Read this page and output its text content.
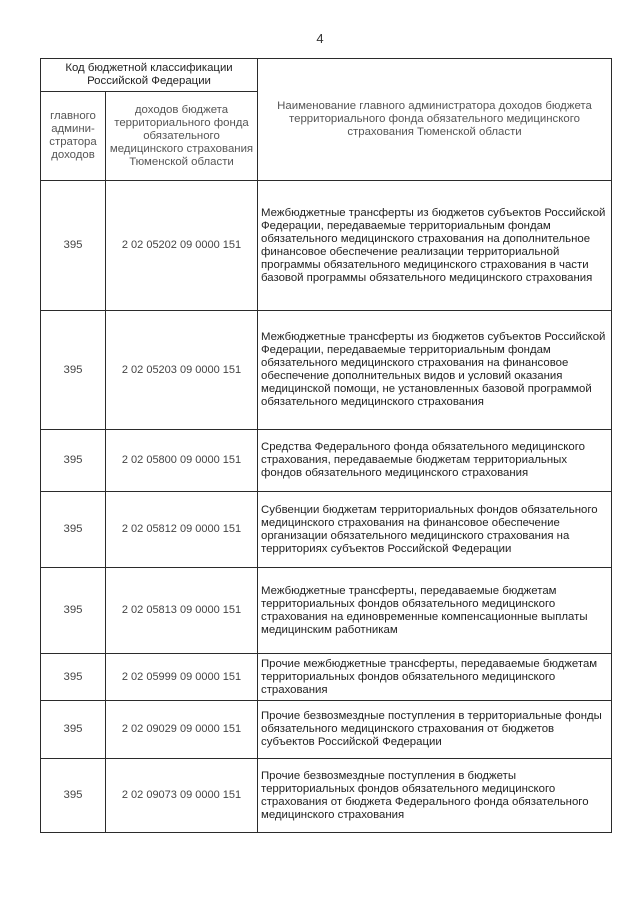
4
Код бюджетной классификации Российской Федерации		Наименование главного администратора доходов бюджета территориального фонда обязательного медицинского страхования Тюменской области
главного админи-стратора доходов	доходов бюджета территориального фонда обязательного медицинского страхования Тюменской области	
395	2 02 05202 09 0000 151	Межбюджетные трансферты из бюджетов субъектов Российской Федерации, передаваемые территориальным фондам обязательного медицинского страхования на дополнительное финансовое обеспечение реализации территориальной программы обязательного медицинского страхования в части базовой программы обязательного медицинского страхования
395	2 02 05203 09 0000 151	Межбюджетные трансферты из бюджетов субъектов Российской Федерации, передаваемые территориальным фондам обязательного медицинского страхования на финансовое обеспечение дополнительных видов и условий оказания медицинской помощи, не установленных базовой программой обязательного медицинского страхования
395	2 02 05800 09 0000 151	Средства Федерального фонда обязательного медицинского страхования, передаваемые бюджетам территориальных фондов обязательного медицинского страхования
395	2 02 05812 09 0000 151	Субвенции бюджетам территориальных фондов обязательного медицинского страхования на финансовое обеспечение организации обязательного медицинского страхования на территориях субъектов Российской Федерации
395	2 02 05813 09 0000 151	Межбюджетные трансферты, передаваемые бюджетам территориальных фондов обязательного медицинского страхования на единовременные компенсационные выплаты медицинским работникам
395	2 02 05999 09 0000 151	Прочие межбюджетные трансферты, передаваемые бюджетам территориальных фондов обязательного медицинского страхования
395	2 02 09029 09 0000 151	Прочие безвозмездные поступления в территориальные фонды обязательного медицинского страхования от бюджетов субъектов Российской Федерации
395	2 02 09073 09 0000 151	Прочие безвозмездные поступления в бюджеты территориальных фондов обязательного медицинского страхования от бюджета Федерального фонда обязательного медицинского страхования
